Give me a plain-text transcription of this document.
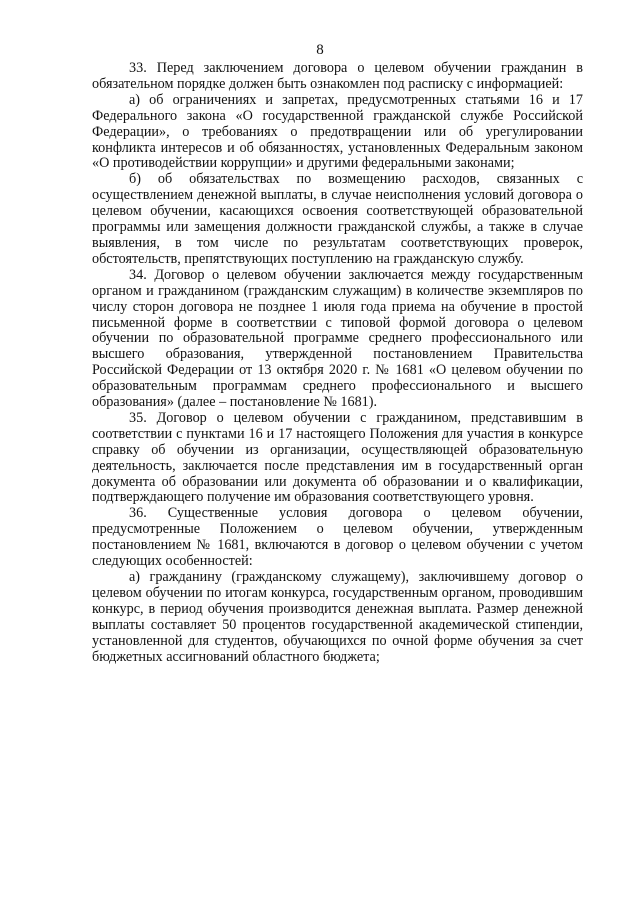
8

33. Перед заключением договора о целевом обучении гражданин в обязательном порядке должен быть ознакомлен под расписку с информацией:

а) об ограничениях и запретах, предусмотренных статьями 16 и 17 Федерального закона «О государственной гражданской службе Российской Федерации», о требованиях о предотвращении или об урегулировании конфликта интересов и об обязанностях, установленных Федеральным законом «О противодействии коррупции» и другими федеральными законами;

б) об обязательствах по возмещению расходов, связанных с осуществлением денежной выплаты, в случае неисполнения условий договора о целевом обучении, касающихся освоения соответствующей образовательной программы или замещения должности гражданской службы, а также в случае выявления, в том числе по результатам соответствующих проверок, обстоятельств, препятствующих поступлению на гражданскую службу.

34. Договор о целевом обучении заключается между государственным органом и гражданином (гражданским служащим) в количестве экземпляров по числу сторон договора не позднее 1 июля года приема на обучение в простой письменной форме в соответствии с типовой формой договора о целевом обучении по образовательной программе среднего профессионального или высшего образования, утвержденной постановлением Правительства Российской Федерации от 13 октября 2020 г. № 1681 «О целевом обучении по образовательным программам среднего профессионального и высшего образования» (далее – постановление № 1681).

35. Договор о целевом обучении с гражданином, представившим в соответствии с пунктами 16 и 17 настоящего Положения для участия в конкурсе справку об обучении из организации, осуществляющей образовательную деятельность, заключается после представления им в государственный орган документа об образовании или документа об образовании и о квалификации, подтверждающего получение им образования соответствующего уровня.

36. Существенные условия договора о целевом обучении, предусмотренные Положением о целевом обучении, утвержденным постановлением № 1681, включаются в договор о целевом обучении с учетом следующих особенностей:

а) гражданину (гражданскому служащему), заключившему договор о целевом обучении по итогам конкурса, государственным органом, проводившим конкурс, в период обучения производится денежная выплата. Размер денежной выплаты составляет 50 процентов государственной академической стипендии, установленной для студентов, обучающихся по очной форме обучения за счет бюджетных ассигнований областного бюджета;
